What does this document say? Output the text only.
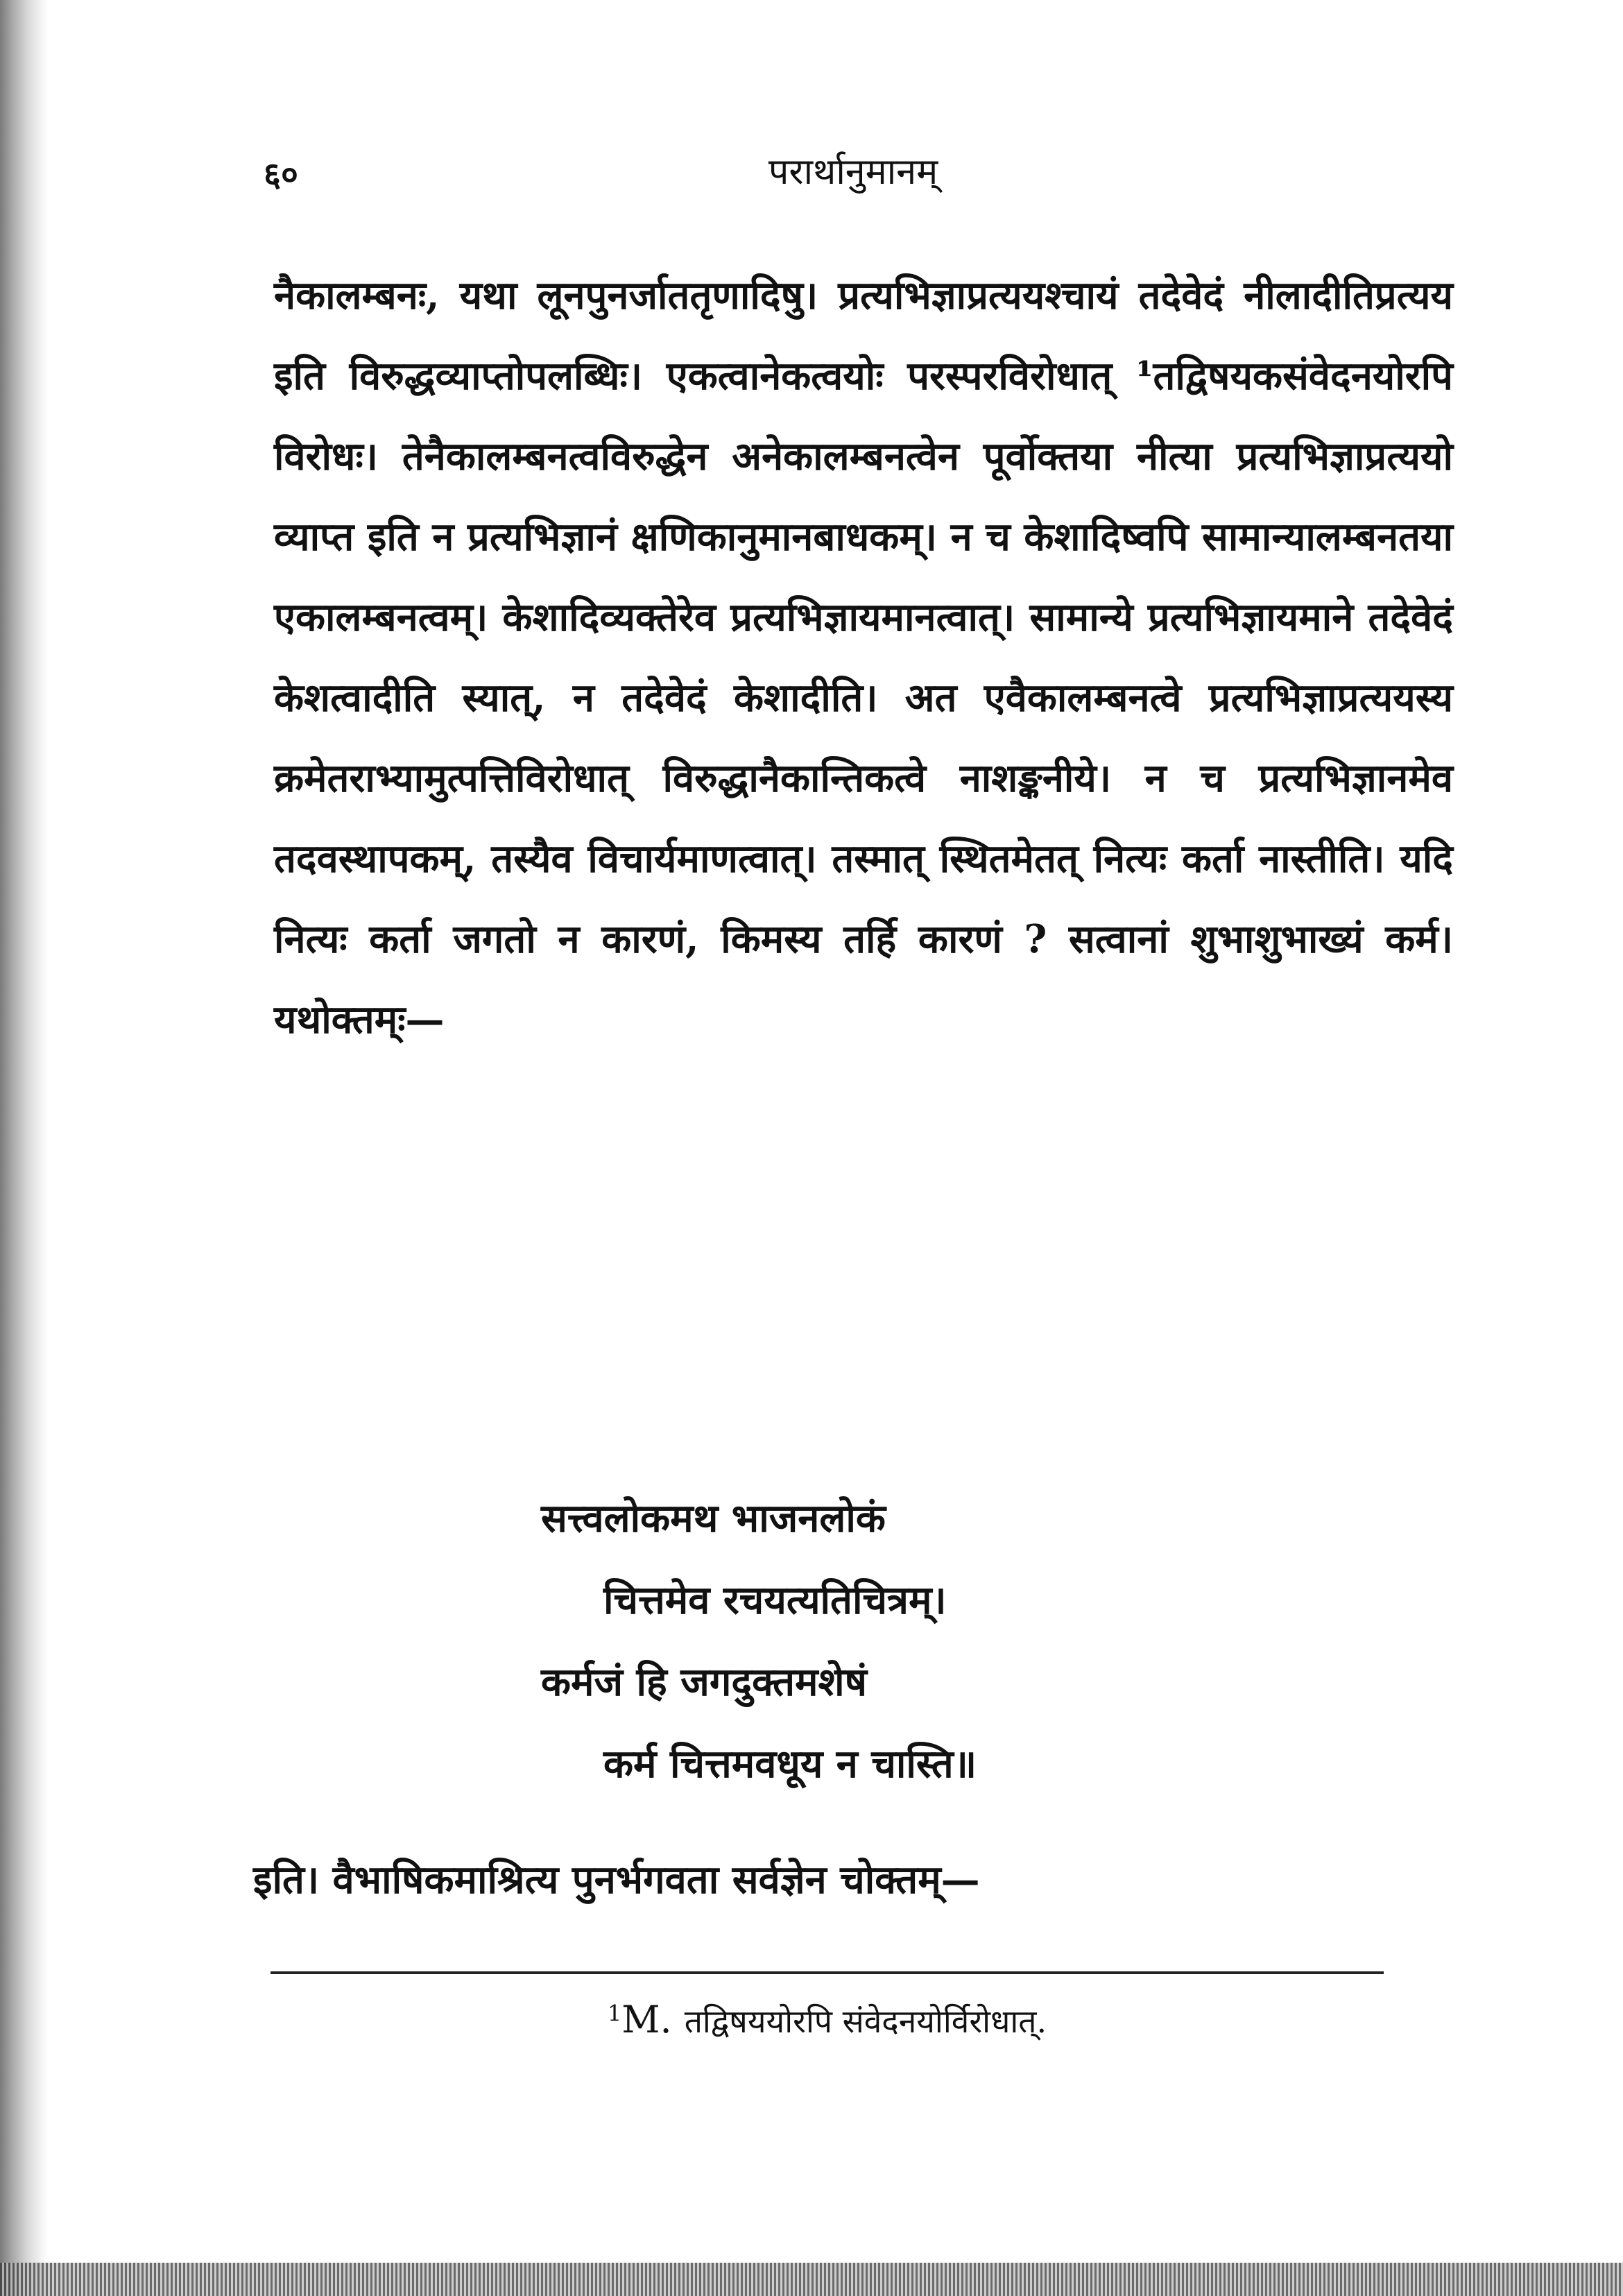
६०	परार्थानुमानम्

नैकालम्बनः, यथा लूनपुनर्जाततृणादिषु। प्रत्यभिज्ञाप्रत्ययश्चायं तदेवेदं नीलादीतिप्रत्यय इति विरुद्धव्याप्तोपलब्धिः। एकत्वानेकत्वयोः परस्परविरोधात् ¹तद्विषयकसंवेदनयोरपि विरोधः। तेनैकालम्बनत्वविरुद्धेन अनेकालम्बनत्वेन पूर्वोक्तया नीत्या प्रत्यभिज्ञाप्रत्ययो व्याप्त इति न प्रत्यभिज्ञानं क्षणिकानुमानबाधकम्। न च केशादिष्वपि सामान्यालम्बनतया एकालम्बनत्वम्। केशादिव्यक्तेरेव प्रत्यभिज्ञायमानत्वात्। सामान्ये प्रत्यभिज्ञायमाने तदेवेदं केशत्वादीति स्यात्, न तदेवेदं केशादीति। अत एवैकालम्बनत्वे प्रत्यभिज्ञाप्रत्ययस्य क्रमेतराभ्यामुत्पत्तिविरोधात् विरुद्धानैकान्तिकत्वे नाशङ्कनीये। न च प्रत्यभिज्ञानमेव तदवस्थापकम्, तस्यैव विचार्यमाणत्वात्। तस्मात् स्थितमेतत् नित्यः कर्ता नास्तीति। यदि नित्यः कर्ता जगतो न कारणं, किमस्य तर्हि कारणं ? सत्वानां शुभाशुभाख्यं कर्म। यथोक्तम्ः—

सत्त्वलोकमथ भाजनलोकं
चित्तमेव रचयत्यतिचित्रम्।
कर्मजं हि जगदुक्तमशेषं
कर्म चित्तमवधूय न चास्ति॥
इति। वैभाषिकमाश्रित्य पुनर्भगवता सर्वज्ञेन चोक्तम्—
$^1$M. तद्विषययोरपि संवेदनयोर्विरोधात्.
